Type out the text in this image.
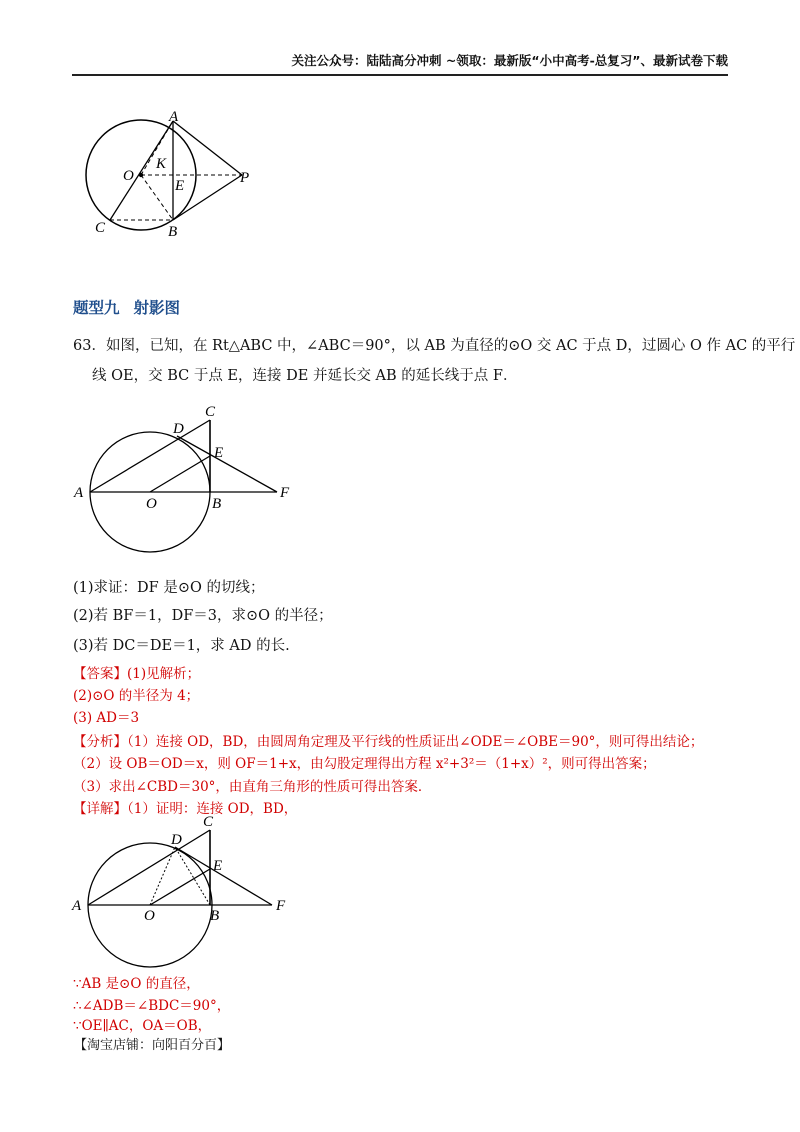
关注公众号：陆陆高分冲刺 ~领取：最新版“小中高考-总复习”、最新试卷下载
A
O
K
E	P
C	B
题型九 射影图
63．如图，已知，在 Rt△ABC 中，∠ABC＝90°，以 AB 为直径的⊙O 交 AC 于点 D，过圆心 O 作 AC 的平行
线 OE，交 BC 于点 E，连接 DE 并延长交 AB 的延长线于点 F．
C
D
E
A
O	B
F
(1)求证：DF 是⊙O 的切线；
(2)若 BF＝1，DF＝3，求⊙O 的半径；
(3)若 DC＝DE＝1，求 AD 的长.
【答案】(1)见解析；
(2)⊙O 的半径为 4；
(3) AD＝3
【分析】（1）连接 OD，BD，由圆周角定理及平行线的性质证出∠ODE＝∠OBE＝90°，则可得出结论；
（2）设 OB＝OD＝x，则 OF＝1+x，由勾股定理得出方程 x²+3²＝（1+x）²，则可得出答案；
（3）求出∠CBD＝30°，由直角三角形的性质可得出答案．
【详解】（1）证明：连接 OD，BD，
C
D
E
A
O	B
F
∵AB 是⊙O 的直径，
∴∠ADB＝∠BDC＝90°，
∵OE∥AC，OA＝OB，
【淘宝店铺：向阳百分百】
